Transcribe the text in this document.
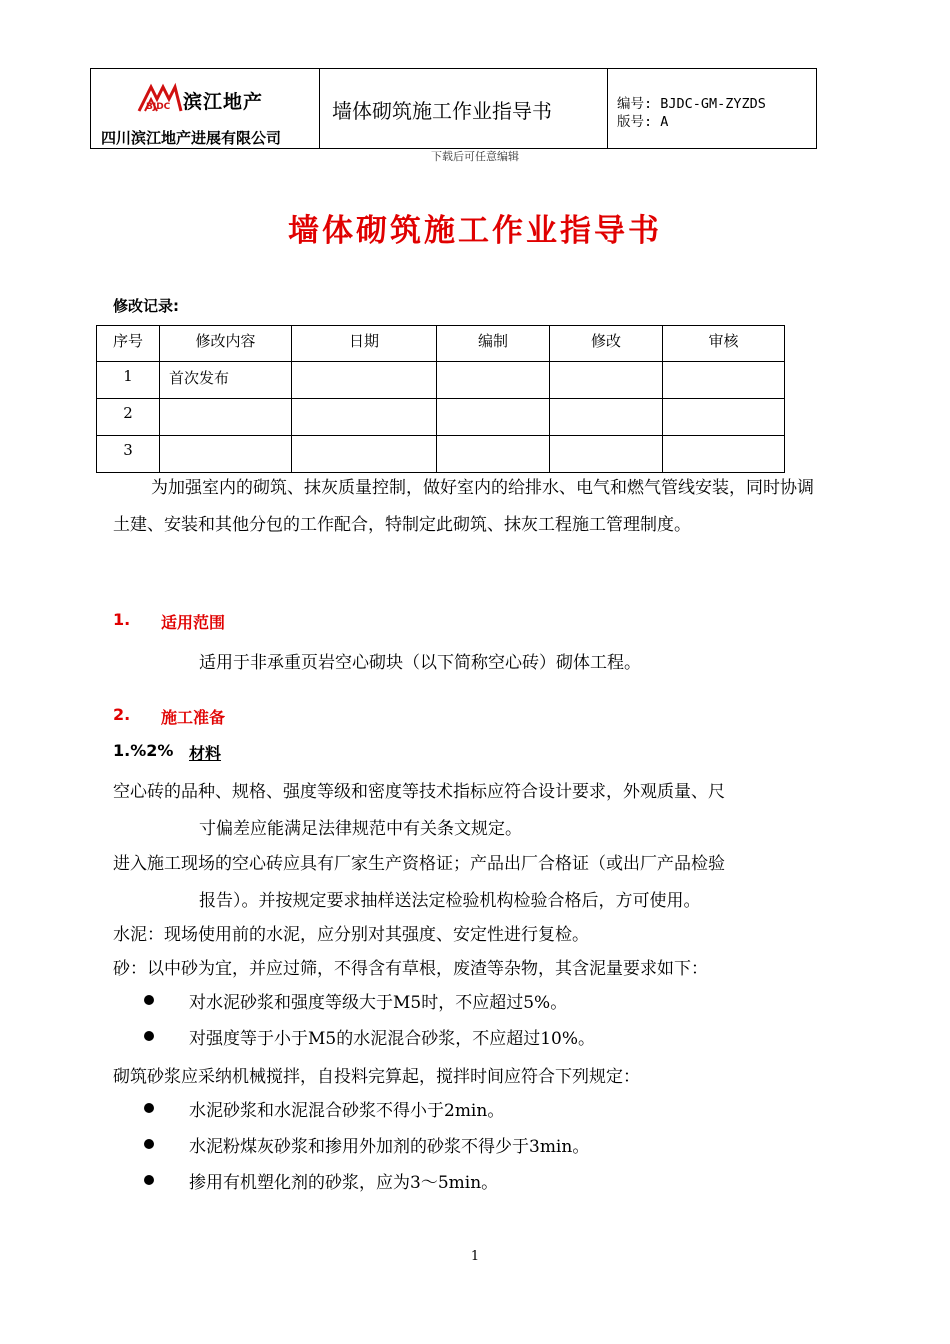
BJDC 滨江地产
四川滨江地产进展有限公司
墙体砌筑施工作业指导书	编号: BJDC-GM-ZYZDS
版号: A
下载后可任意编辑
墙体砌筑施工作业指导书
修改记录:
序号	修改内容	日期	编制	修改	审核
1	首次发布				
2					
3					
为加强室内的砌筑、抹灰质量控制，做好室内的给排水、电气和燃气管线安装，同时协调土建、安装和其他分包的工作配合，特制定此砌筑、抹灰工程施工管理制度。
1. 适用范围
适用于非承重页岩空心砌块（以下简称空心砖）砌体工程。
2. 施工准备
1.%2% 材料
空心砖的品种、规格、强度等级和密度等技术指标应符合设计要求，外观质量、尺
寸偏差应能满足法律规范中有关条文规定。
进入施工现场的空心砖应具有厂家生产资格证；产品出厂合格证（或出厂产品检验
报告）。并按规定要求抽样送法定检验机构检验合格后，方可使用。
水泥：现场使用前的水泥，应分别对其强度、安定性进行复检。
砂：以中砂为宜，并应过筛，不得含有草根，废渣等杂物，其含泥量要求如下：
对水泥砂浆和强度等级大于M5时，不应超过5%。
对强度等于小于M5的水泥混合砂浆，不应超过10%。
砌筑砂浆应采纳机械搅拌，自投料完算起，搅拌时间应符合下列规定：
水泥砂浆和水泥混合砂浆不得小于2min。
水泥粉煤灰砂浆和掺用外加剂的砂浆不得少于3min。
掺用有机塑化剂的砂浆，应为3～5min。
1
